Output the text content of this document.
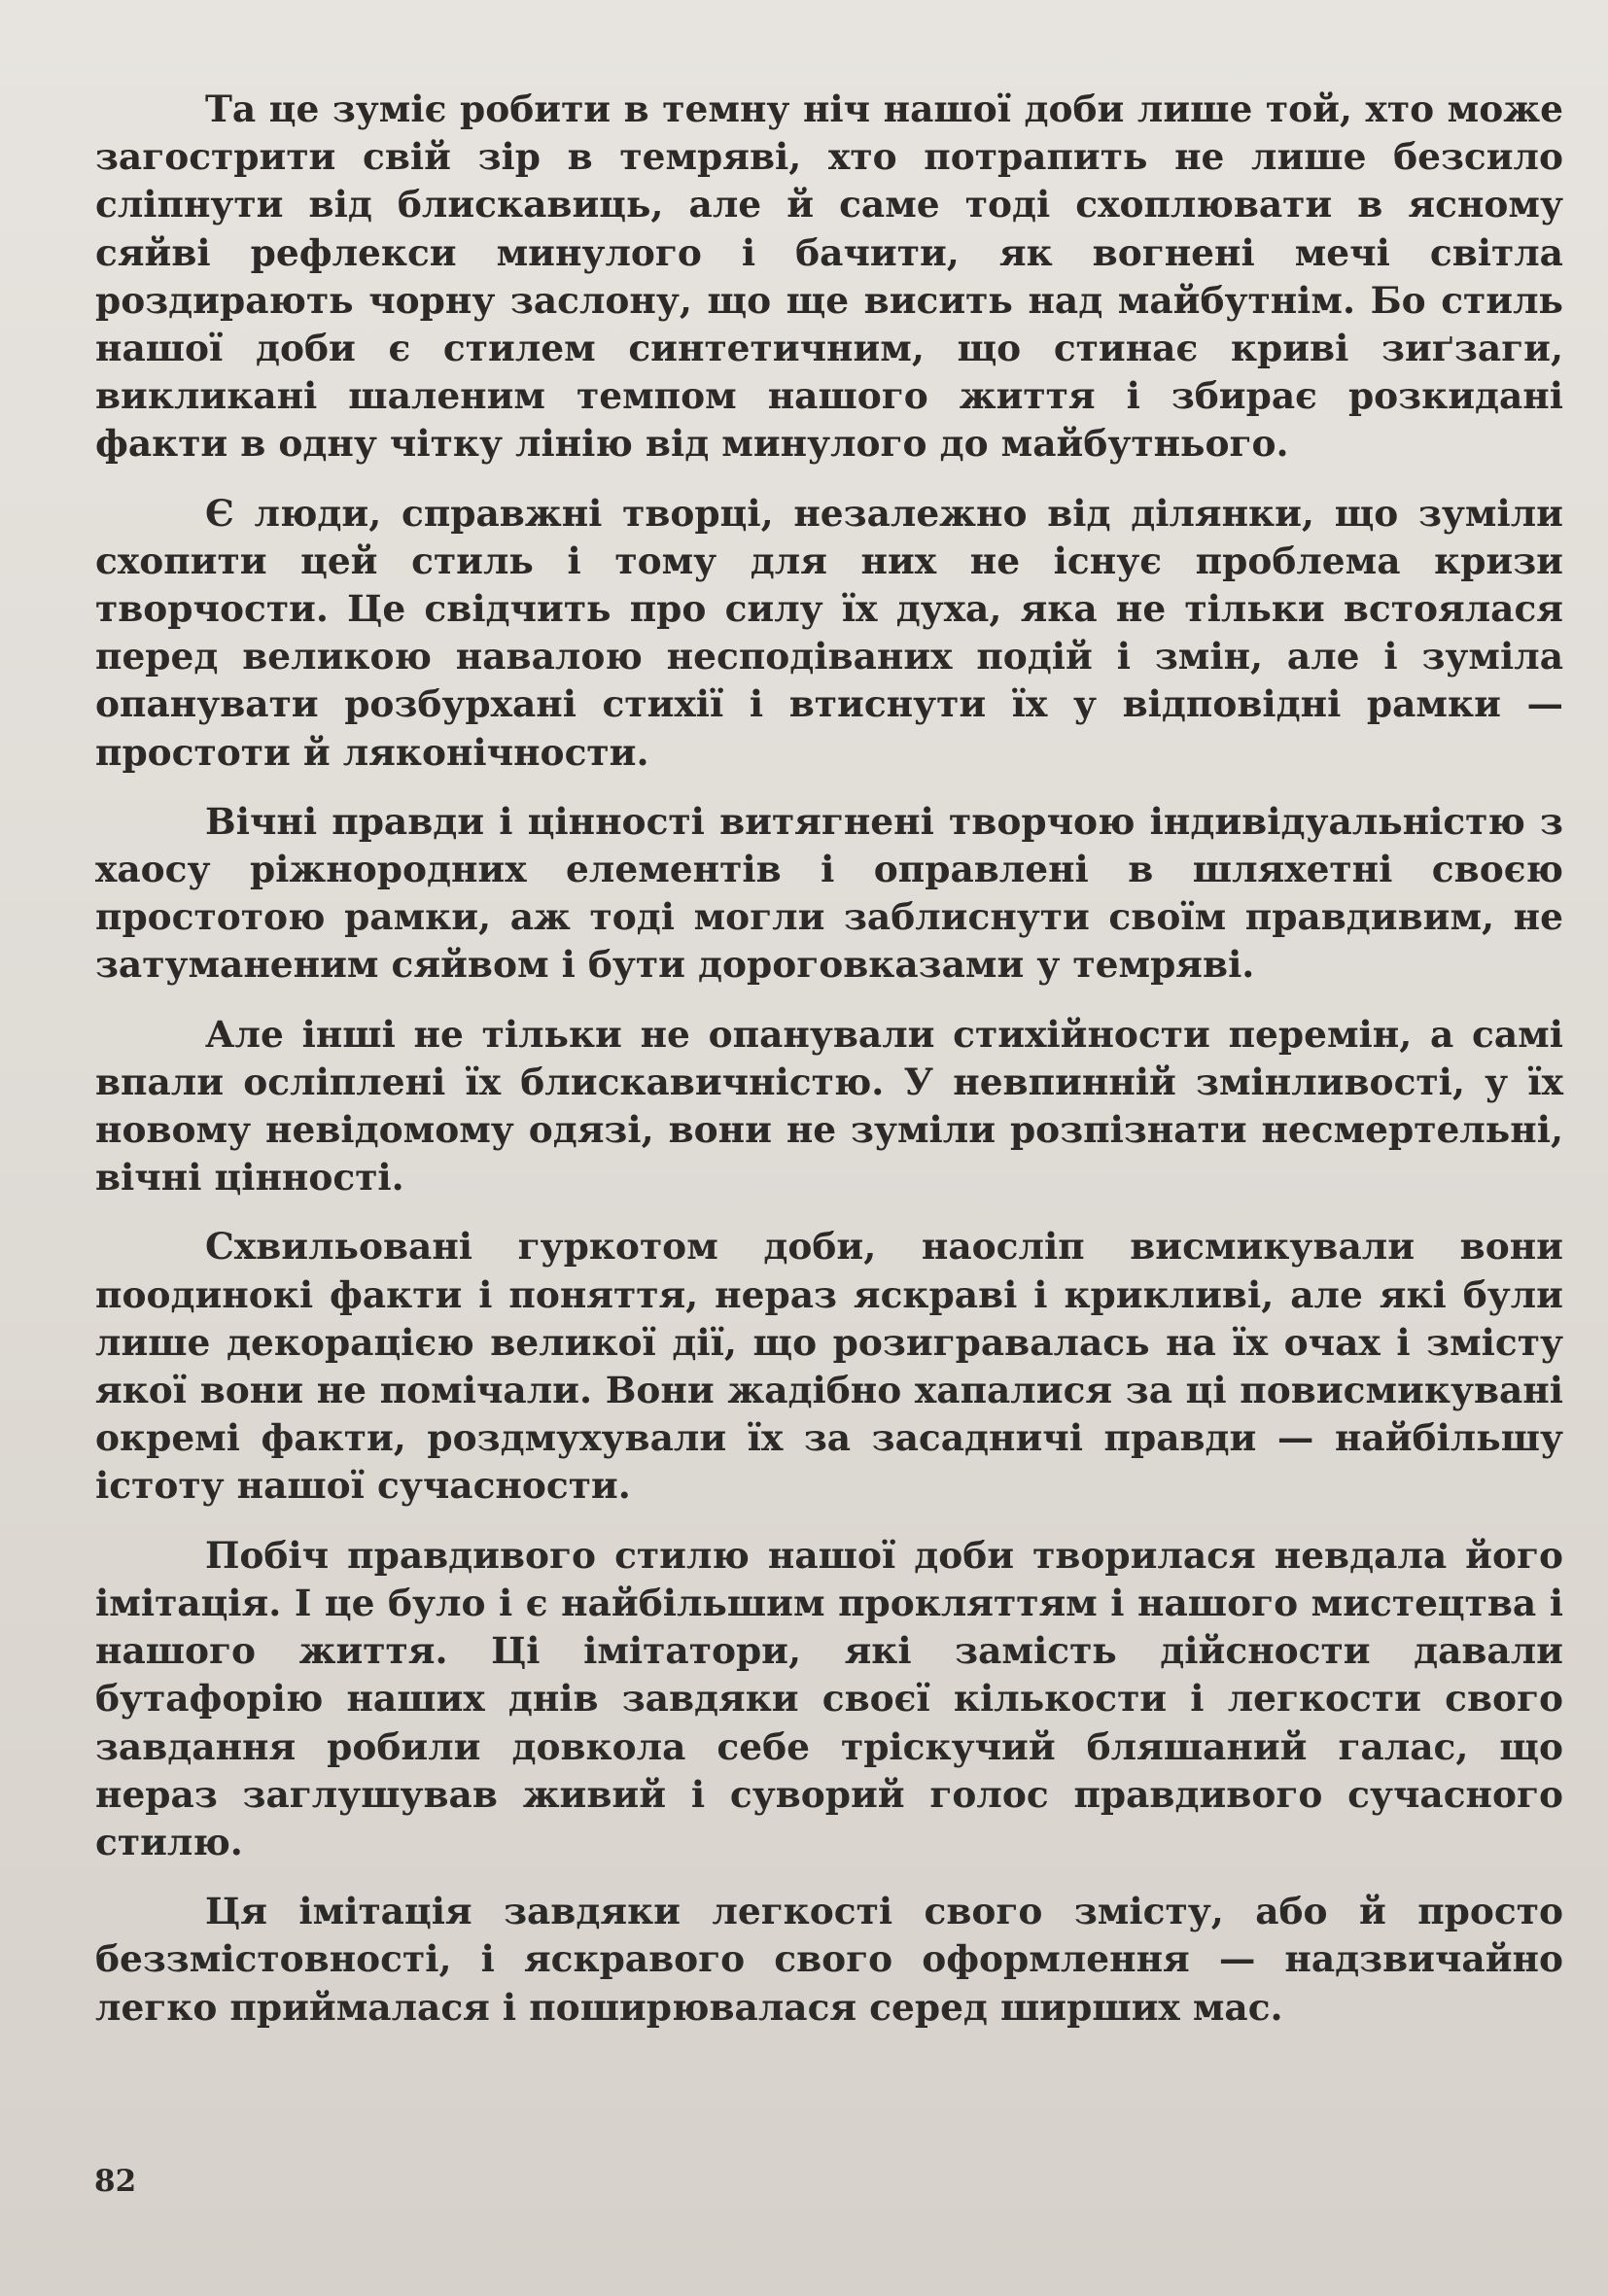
Та це зуміє робити в темну ніч нашої доби лише той, хто може загострити свій зір в темряві, хто потрапить не лише безсило сліпнути від блискавиць, але й саме тоді схоплювати в ясному сяйві рефлекси минулого і бачити, як вогнені мечі світла роздирають чорну заслону, що ще висить над майбутнім. Бо стиль нашої доби є стилем синтетичним, що стинає криві зиґзаги, викликані шаленим темпом нашого життя і збирає розкидані факти в одну чітку лінію від минулого до майбутнього.

Є люди, справжні творці, незалежно від ділянки, що зуміли схопити цей стиль і тому для них не існує проблема кризи творчости. Це свідчить про силу їх духа, яка не тільки встоялася перед великою навалою несподіваних подій і змін, але і зуміла опанувати розбурхані стихії і втиснути їх у відповідні рамки — простоти й ляконічности.

Вічні правди і цінності витягнені творчою індивідуальністю з хаосу ріжнородних елементів і оправлені в шляхетні своєю простотою рамки, аж тоді могли заблиснути своїм правдивим, не затуманеним сяйвом і бути дороговказами у темряві.

Але інші не тільки не опанували стихійности перемін, а самі впали осліплені їх блискавичністю. У невпинній змінливості, у їх новому невідомому одязі, вони не зуміли розпізнати несмертельні, вічні цінності.

Схвильовані гуркотом доби, наосліп висмикували вони поодинокі факти і поняття, нераз яскраві і крикливі, але які були лише декорацією великої дії, що розигравалась на їх очах і змісту якої вони не помічали. Вони жадібно хапалися за ці повисмикувані окремі факти, роздмухували їх за засадничі правди — найбільшу істоту нашої сучасности.

Побіч правдивого стилю нашої доби творилася невдала його імітація. І це було і є найбільшим прокляттям і нашого мистецтва і нашого життя. Ці імітатори, які замість дійсности давали бутафорію наших днів завдяки своєї кількости і легкости свого завдання робили довкола себе тріскучий бляшаний галас, що нераз заглушував живий і суворий голос правдивого сучасного стилю.

Ця імітація завдяки легкості свого змісту, або й просто беззмістовності, і яскравого свого оформлення — надзвичайно легко приймалася і поширювалася серед ширших мас.

82
